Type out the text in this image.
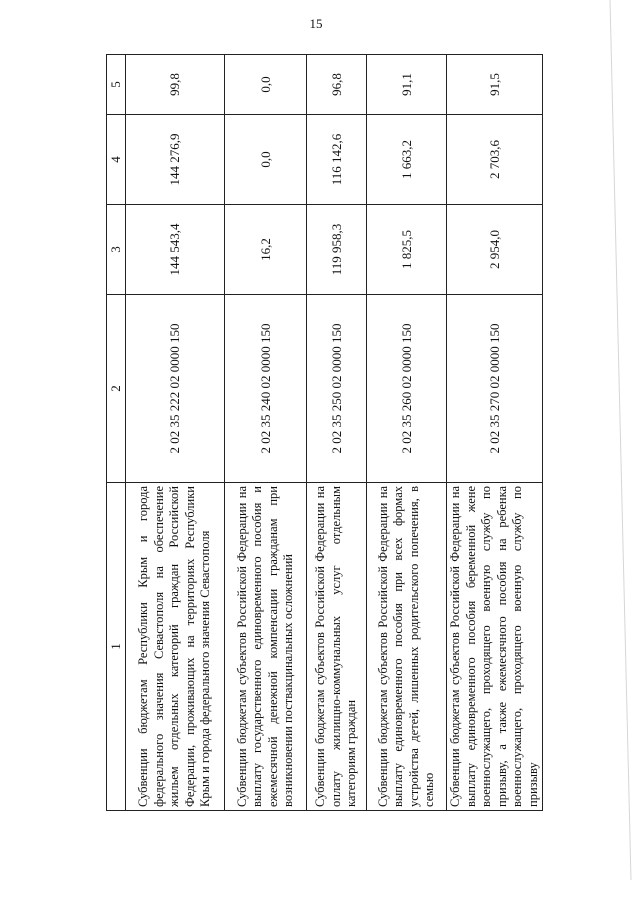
15
1	2	3	4	5
Субвенции бюджетам Республики Крым и города федерального значения Севастополя на обеспечение жильем отдельных категорий граждан Российской Федерации, проживающих на территориях Республики Крым и города федерального значения Севастополя	2 02 35 222 02 0000 150	144 543,4	144 276,9	99,8
Субвенции бюджетам субъектов Российской Федерации на выплату государственного единовременного пособия и ежемесячной денежной компенсации гражданам при возникновении поствакцинальных осложнений	2 02 35 240 02 0000 150	16,2	0,0	0,0
Субвенции бюджетам субъектов Российской Федерации на оплату жилищно-коммунальных услуг отдельным категориям граждан	2 02 35 250 02 0000 150	119 958,3	116 142,6	96,8
Субвенции бюджетам субъектов Российской Федерации на выплату единовременного пособия при всех формах устройства детей, лишенных родительского попечения, в семью	2 02 35 260 02 0000 150	1 825,5	1 663,2	91,1
Субвенции бюджетам субъектов Российской Федерации на выплату единовременного пособия беременной жене военнослужащего, проходящего военную службу по призыву, а также ежемесячного пособия на ребенка военнослужащего, проходящего военную службу по призыву	2 02 35 270 02 0000 150	2 954,0	2 703,6	91,5
